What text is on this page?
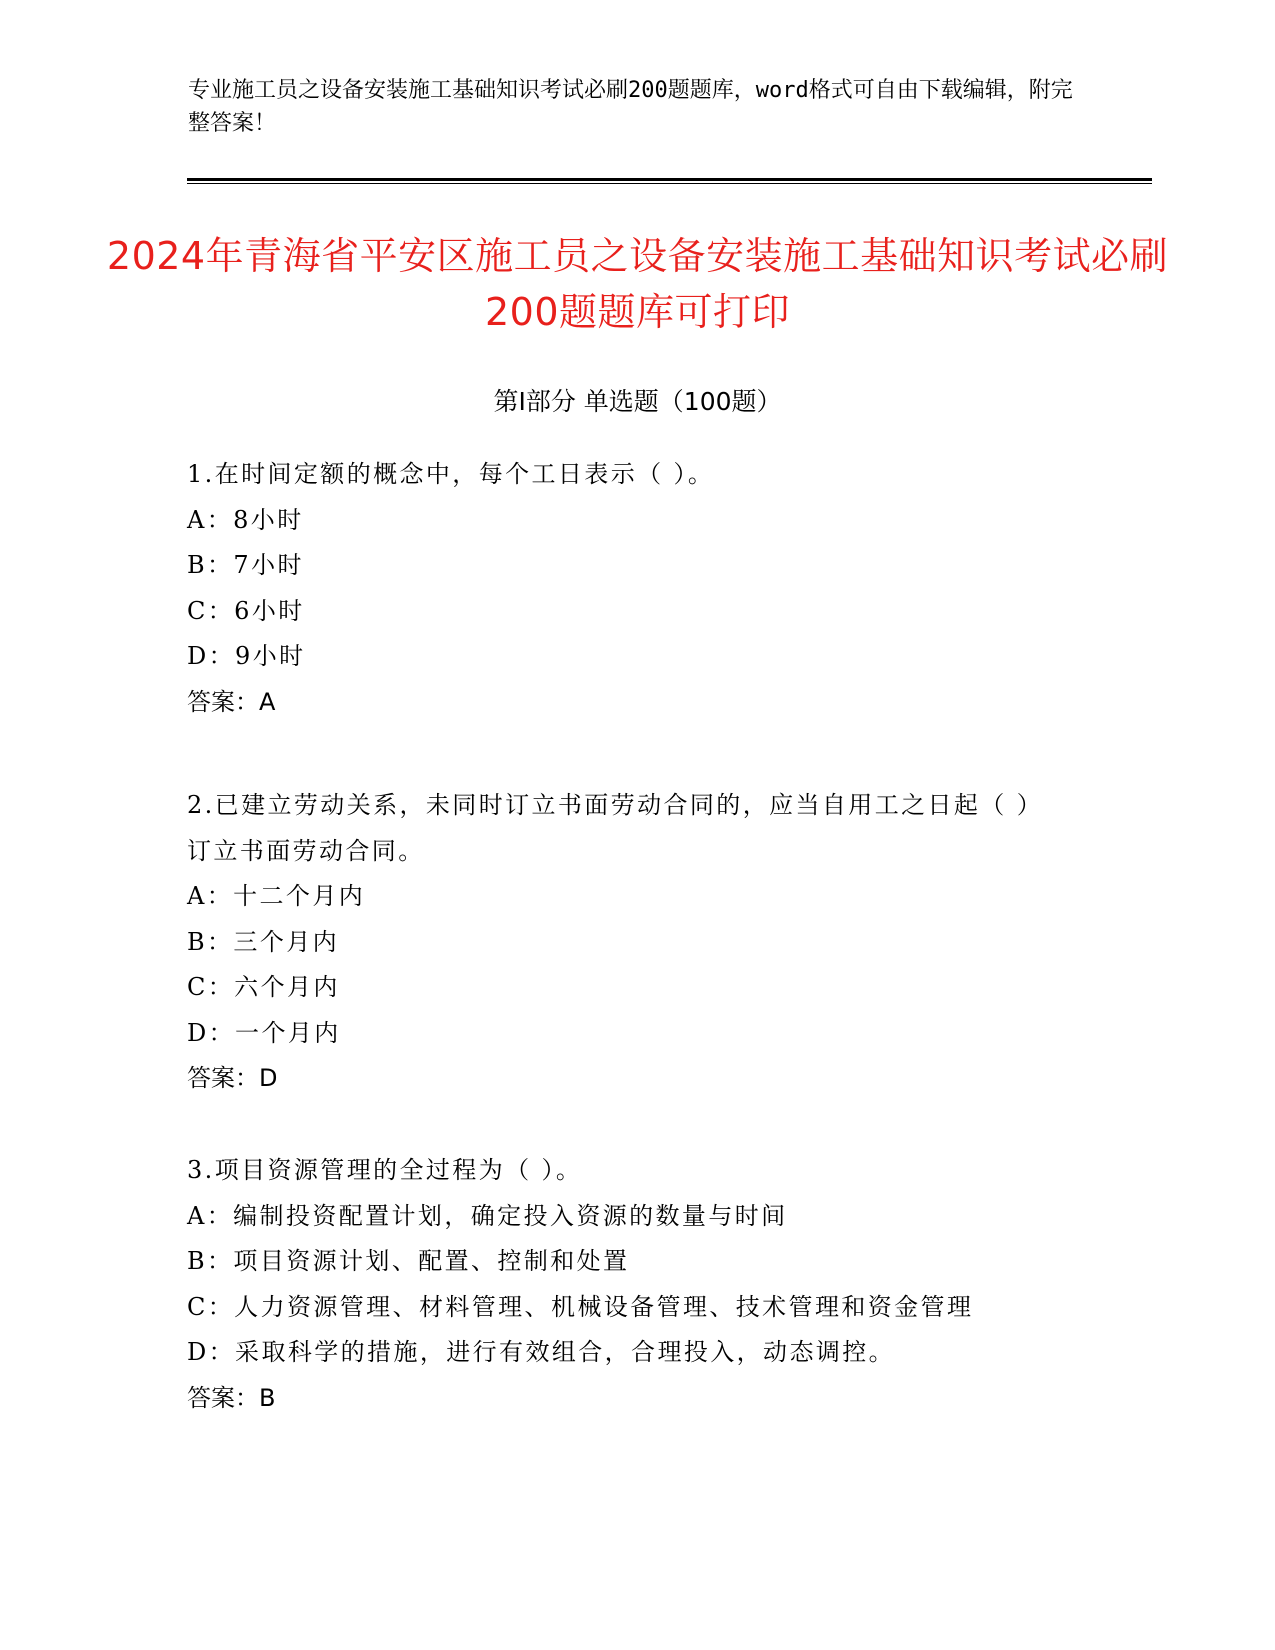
专业施工员之设备安装施工基础知识考试必刷200题题库，word格式可自由下载编辑，附完整答案！
2024年青海省平安区施工员之设备安装施工基础知识考试必刷200题题库可打印
第Ⅰ部分 单选题（100题）

1.在时间定额的概念中，每个工日表示（ ）。

A：8小时

B：7小时

C：6小时

D：9小时

答案：A

2.已建立劳动关系，未同时订立书面劳动合同的，应当自用工之日起（ ）订立书面劳动合同。

A：十二个月内

B：三个月内

C：六个月内

D：一个月内

答案：D

3.项目资源管理的全过程为（ ）。

A：编制投资配置计划，确定投入资源的数量与时间

B：项目资源计划、配置、控制和处置

C：人力资源管理、材料管理、机械设备管理、技术管理和资金管理

D：采取科学的措施，进行有效组合，合理投入，动态调控。

答案：B
